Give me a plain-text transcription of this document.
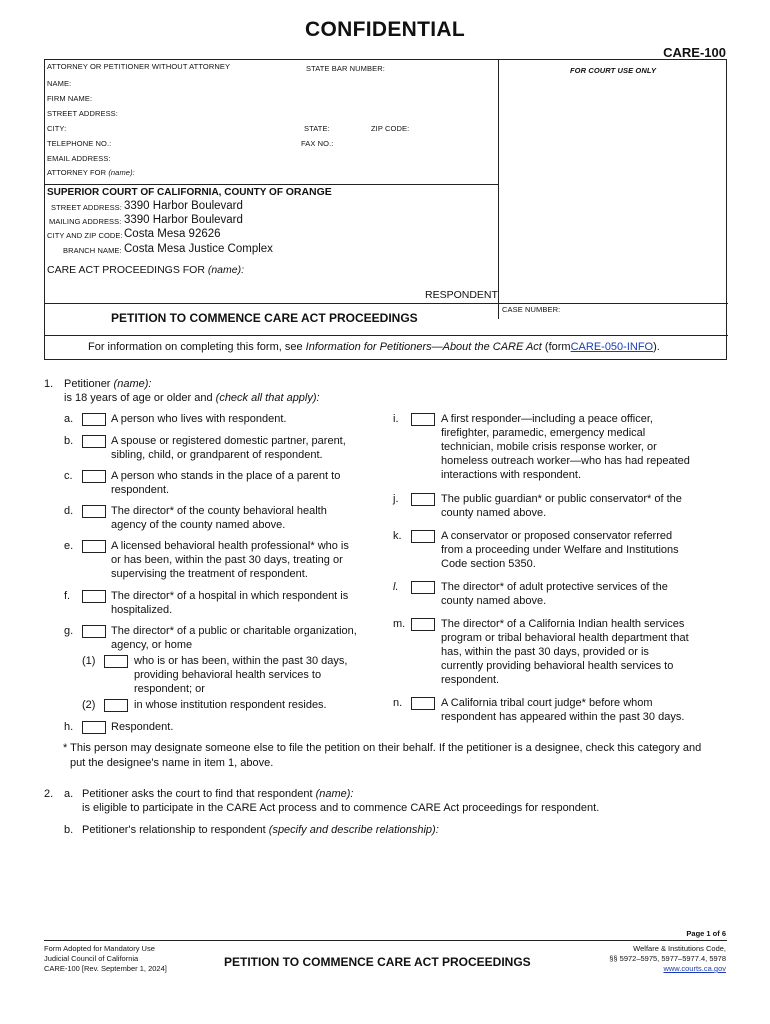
CONFIDENTIAL
CARE-100
ATTORNEY OR PETITIONER WITHOUT ATTORNEY	STATE BAR NUMBER:	FOR COURT USE ONLY
NAME:
FIRM NAME:
STREET ADDRESS:
CITY:	STATE:	ZIP CODE:
TELEPHONE NO.:	FAX NO.:
EMAIL ADDRESS:
ATTORNEY FOR (name):
SUPERIOR COURT OF CALIFORNIA, COUNTY OF ORANGE
STREET ADDRESS: 3390 Harbor Boulevard
MAILING ADDRESS: 3390 Harbor Boulevard
CITY AND ZIP CODE: Costa Mesa 92626
BRANCH NAME: Costa Mesa Justice Complex
CARE ACT PROCEEDINGS FOR (name):
RESPONDENT
PETITION TO COMMENCE CARE ACT PROCEEDINGS
CASE NUMBER:
For information on completing this form, see Information for Petitioners—About the CARE Act (formCARE-050-INFO).
1. Petitioner (name):
is 18 years of age or older and (check all that apply):
a.	A person who lives with respondent.
b.	A spouse or registered domestic partner, parent,
sibling, child, or grandparent of respondent.
c.	A person who stands in the place of a parent to
respondent.
d.	The director* of the county behavioral health
agency of the county named above.
e.	A licensed behavioral health professional* who is
or has been, within the past 30 days, treating or
supervising the treatment of respondent.
f.	The director* of a hospital in which respondent is
hospitalized.
g.	The director* of a public or charitable organization,
agency, or home
(1)	who is or has been, within the past 30 days,
providing behavioral health services to
respondent; or
(2)	in whose institution respondent resides.
h.	Respondent.
i.	A first responder—including a peace officer,
firefighter, paramedic, emergency medical
technician, mobile crisis response worker, or
homeless outreach worker—who has had repeated
interactions with respondent.
j.	The public guardian* or public conservator* of the
county named above.
k.	A conservator or proposed conservator referred
from a proceeding under Welfare and Institutions
Code section 5350.
l.	The director* of adult protective services of the
county named above.
m.	The director* of a California Indian health services
program or tribal behavioral health department that
has, within the past 30 days, provided or is
currently providing behavioral health services to
respondent.
n.	A California tribal court judge* before whom
respondent has appeared within the past 30 days.
* This person may designate someone else to file the petition on their behalf. If the petitioner is a designee, check this category and
put the designee's name in item 1, above.
2. a. Petitioner asks the court to find that respondent (name):
is eligible to participate in the CARE Act process and to commence CARE Act proceedings for respondent.
b. Petitioner's relationship to respondent (specify and describe relationship):
Page 1 of 6
Form Adopted for Mandatory Use
Judicial Council of California
CARE-100 [Rev. September 1, 2024]	PETITION TO COMMENCE CARE ACT PROCEEDINGS
Welfare & Institutions Code,
§§ 5972–5975, 5977–5977.4, 5978
www.courts.ca.gov
